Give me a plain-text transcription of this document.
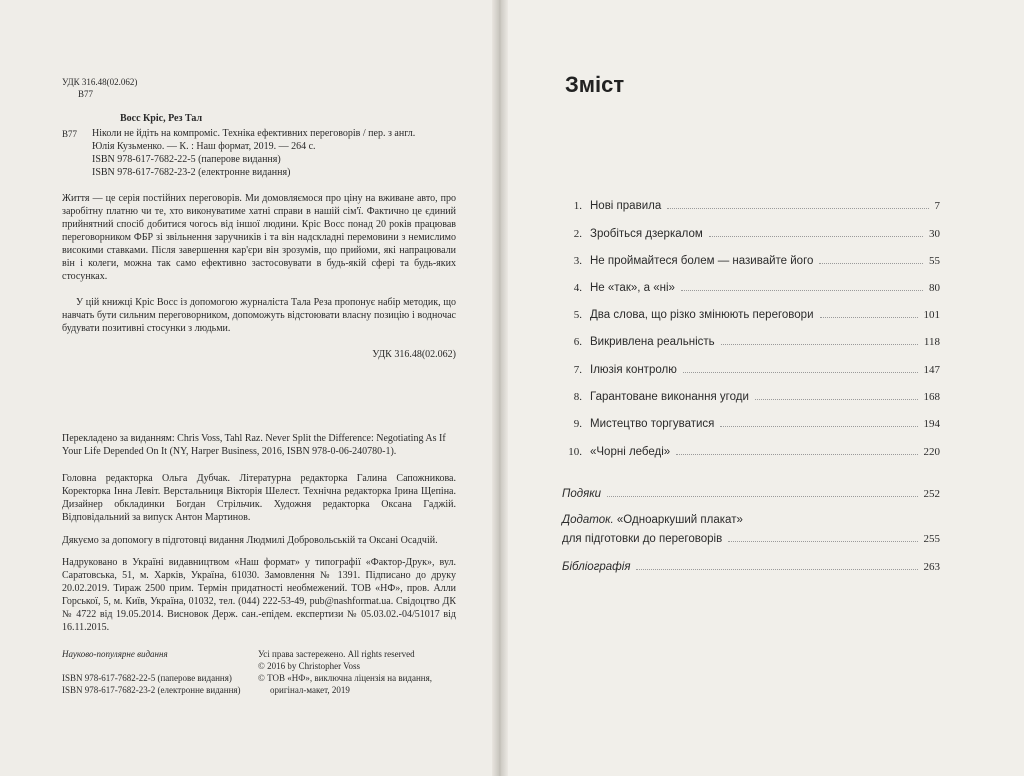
УДК 316.48(02.062)
В77
Восс Кріс, Рез Тал
В77 Ніколи не йдіть на компроміс. Техніка ефективних переговорів / пер. з англ.
Юлія Кузьменко. — К. : Наш формат, 2019. — 264 с.
ISBN 978-617-7682-22-5 (паперове видання)
ISBN 978-617-7682-23-2 (електронне видання)
Життя — це серія постійних переговорів. Ми домовляємося про ціну на вживане авто, про заробітну платню чи те, хто виконуватиме хатні справи в нашій сім'ї. Фактично це єдиний прийнятний спосіб добитися чогось від іншої людини. Кріс Восс понад 20 років працював переговорником ФБР зі звільнення заручників і та він надскладні перемовини з немислимо високими ставками. Після завершення кар'єри він зрозумів, що прийоми, які напрацювали він і колеги, можна так само ефективно застосовувати в будь-якій сфері та будь-яких стосунках.
У цій книжці Кріс Восс із допомогою журналіста Тала Реза пропонує набір методик, що навчать бути сильним переговорником, допоможуть відстоювати власну позицію і водночас будувати позитивні стосунки з людьми.
УДК 316.48(02.062)
Перекладено за виданням: Chris Voss, Tahl Raz. Never Split the Difference: Negotiating As If Your Life Depended On It (NY, Harper Business, 2016, ISBN 978-0-06-240780-1).
Головна редакторка Ольга Дубчак. Літературна редакторка Галина Сапожникова. Коректорка Інна Левіт. Верстальниця Вікторія Шелест. Технічна редакторка Ірина Щепіна. Дизайнер обкладинки Богдан Стрільчик. Художня редакторка Оксана Гаджій. Відповідальний за випуск Антон Мартинов.
Дякуємо за допомогу в підготовці видання Людмилі Добровольській та Оксані Осадчій.
Надруковано в Україні видавництвом «Наш формат» у типографії «Фактор-Друк», вул. Саратовська, 51, м. Харків, Україна, 61030. Замовлення № 1391. Підписано до друку 20.02.2019. Тираж 2500 прим. Термін придатності необмежений. ТОВ «НФ», пров. Алли Горської, 5, м. Київ, Україна, 01032, тел. (044) 222-53-49, pub@nashformat.ua. Свідоцтво ДК № 4722 від 19.05.2014. Висновок Держ. сан.-епідем. експертизи № 05.03.02.-04/51017 від 16.11.2015.
Науково-популярне видання
ISBN 978-617-7682-22-5 (паперове видання)
ISBN 978-617-7682-23-2 (електронне видання)
Усі права застережено. All rights reserved
© 2016 by Christopher Voss
© ТОВ «НФ», виключна ліцензія на видання,
оригінал-макет, 2019
Зміст
1. Нові правила	7
2. Зробіться дзеркалом	30
3. Не проймайтеся болем — називайте його	55
4. Не «так», а «ні»	80
5. Два слова, що різко змінюють переговори	101
6. Викривлена реальність	118
7. Ілюзія контролю	147
8. Гарантоване виконання угоди	168
9. Мистецтво торгуватися	194
10. «Чорні лебеді»	220
Подяки	252
Додаток. «Одноаркуший плакат»
для підготовки до переговорів	255
Бібліографія	263
